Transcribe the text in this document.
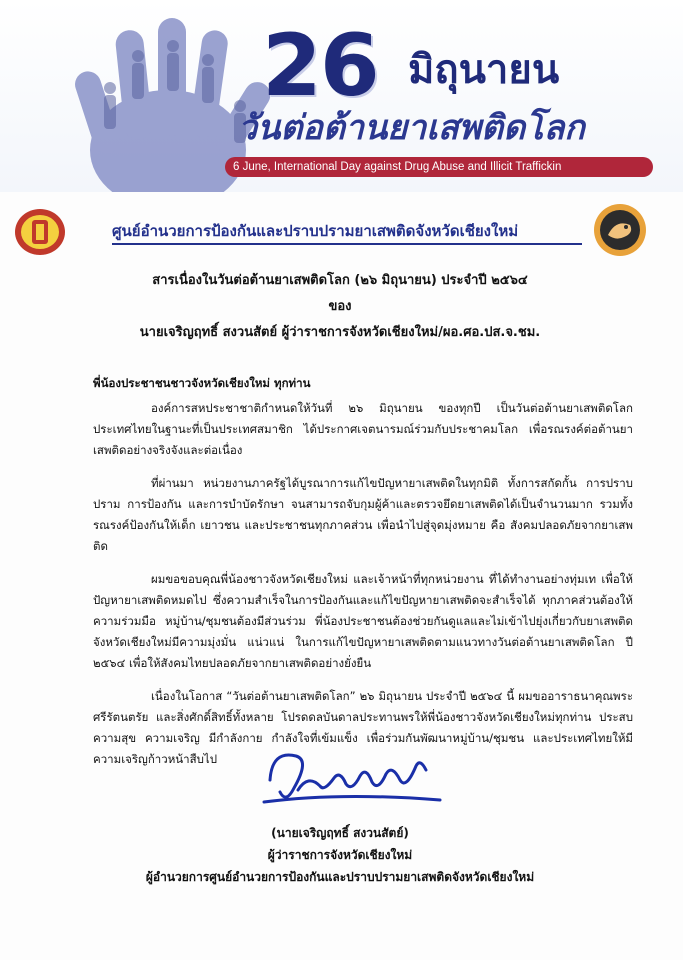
26 มิถุนายน
วันต่อต้านยาเสพติดโลก
6 June, International Day against Drug Abuse and Illicit Traffickin
ศูนย์อำนวยการป้องกันและปราบปรามยาเสพติดจังหวัดเชียงใหม่
สารเนื่องในวันต่อต้านยาเสพติดโลก (๒๖ มิถุนายน) ประจำปี ๒๕๖๔
ของ
นายเจริญฤทธิ์ สงวนสัตย์ ผู้ว่าราชการจังหวัดเชียงใหม่/ผอ.ศอ.ปส.จ.ชม.
พี่น้องประชาชนชาวจังหวัดเชียงใหม่ ทุกท่าน

องค์การสหประชาชาติกำหนดให้วันที่ ๒๖ มิถุนายน ของทุกปี เป็นวันต่อต้านยาเสพติดโลก ประเทศไทยในฐานะที่เป็นประเทศสมาชิก ได้ประกาศเจตนารมณ์ร่วมกับประชาคมโลก เพื่อรณรงค์ต่อต้านยาเสพติดอย่างจริงจังและต่อเนื่อง

ที่ผ่านมา หน่วยงานภาครัฐได้บูรณาการแก้ไขปัญหายาเสพติดในทุกมิติ ทั้งการสกัดกั้น การปราบปราม การป้องกัน และการบำบัดรักษา จนสามารถจับกุมผู้ค้าและตรวจยึดยาเสพติดได้เป็นจำนวนมาก รวมทั้งรณรงค์ป้องกันให้เด็ก เยาวชน และประชาชนทุกภาคส่วน เพื่อนำไปสู่จุดมุ่งหมาย คือ สังคมปลอดภัยจากยาเสพติด

ผมขอขอบคุณพี่น้องชาวจังหวัดเชียงใหม่ และเจ้าหน้าที่ทุกหน่วยงาน ที่ได้ทำงานอย่างทุ่มเท เพื่อให้ปัญหายาเสพติดหมดไป ซึ่งความสำเร็จในการป้องกันและแก้ไขปัญหายาเสพติดจะสำเร็จได้ ทุกภาคส่วนต้องให้ความร่วมมือ หมู่บ้าน/ชุมชนต้องมีส่วนร่วม พี่น้องประชาชนต้องช่วยกันดูแลและไม่เข้าไปยุ่งเกี่ยวกับยาเสพติด จังหวัดเชียงใหม่มีความมุ่งมั่น แน่วแน่ ในการแก้ไขปัญหายาเสพติดตามแนวทางวันต่อต้านยาเสพติดโลก ปี ๒๕๖๔ เพื่อให้สังคมไทยปลอดภัยจากยาเสพติดอย่างยั่งยืน

เนื่องในโอกาส “วันต่อต้านยาเสพติดโลก” ๒๖ มิถุนายน ประจำปี ๒๕๖๔ นี้ ผมขออาราธนาคุณพระศรีรัตนตรัย และสิ่งศักดิ์สิทธิ์ทั้งหลาย โปรดดลบันดาลประทานพรให้พี่น้องชาวจังหวัดเชียงใหม่ทุกท่าน ประสบความสุข ความเจริญ มีกำลังกาย กำลังใจที่เข้มแข็ง เพื่อร่วมกันพัฒนาหมู่บ้าน/ชุมชน และประเทศไทยให้มีความเจริญก้าวหน้าสืบไป

(นายเจริญฤทธิ์ สงวนสัตย์)
ผู้ว่าราชการจังหวัดเชียงใหม่
ผู้อำนวยการศูนย์อำนวยการป้องกันและปราบปรามยาเสพติดจังหวัดเชียงใหม่
